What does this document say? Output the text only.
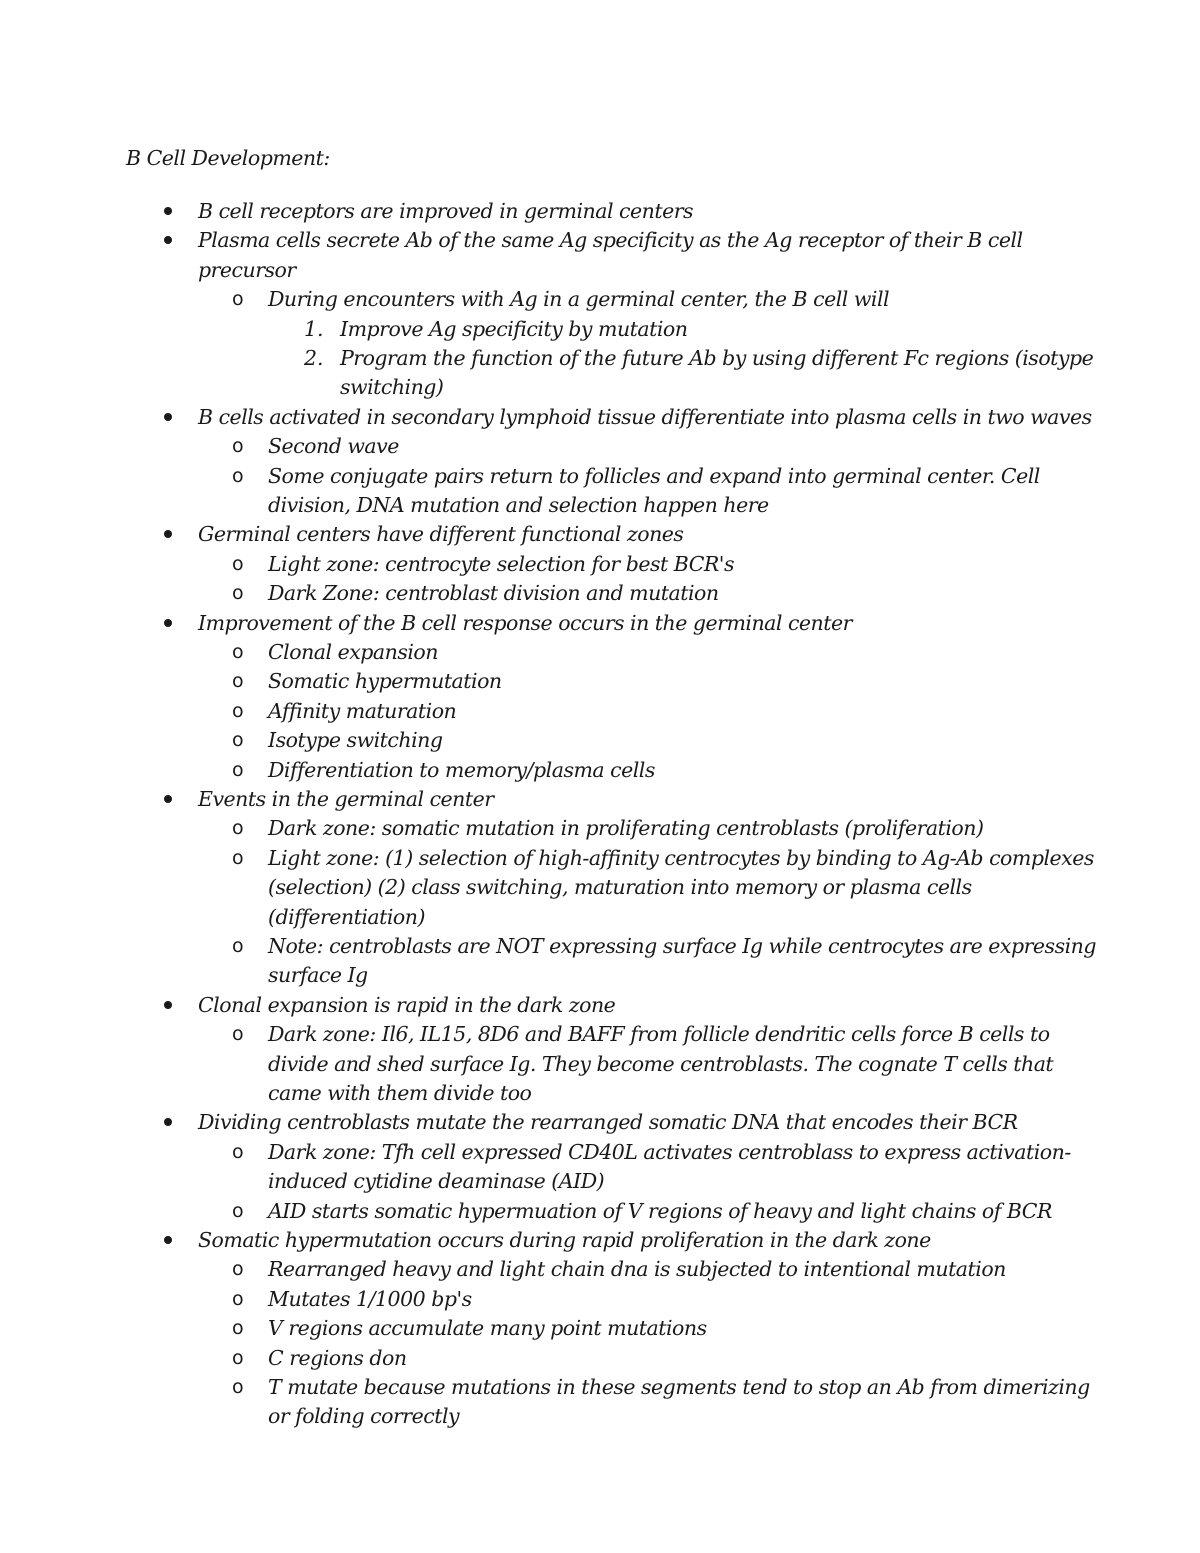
B Cell Development:
B cell receptors are improved in germinal centers
Plasma cells secrete Ab of the same Ag specificity as the Ag receptor of their B cell
precursor
o During encounters with Ag in a germinal center, the B cell will
1. Improve Ag specificity by mutation
2. Program the function of the future Ab by using different Fc regions (isotype
switching)
B cells activated in secondary lymphoid tissue differentiate into plasma cells in two waves
o Second wave
o Some conjugate pairs return to follicles and expand into germinal center. Cell
division, DNA mutation and selection happen here
Germinal centers have different functional zones
o Light zone: centrocyte selection for best BCR's
o Dark Zone: centroblast division and mutation
Improvement of the B cell response occurs in the germinal center
o Clonal expansion
o Somatic hypermutation
o Affinity maturation
o Isotype switching
o Differentiation to memory/plasma cells
Events in the germinal center
o Dark zone: somatic mutation in proliferating centroblasts (proliferation)
o Light zone: (1) selection of high-affinity centrocytes by binding to Ag-Ab complexes
(selection) (2) class switching, maturation into memory or plasma cells
(differentiation)
o Note: centroblasts are NOT expressing surface Ig while centrocytes are expressing
surface Ig
Clonal expansion is rapid in the dark zone
o Dark zone: Il6, IL15, 8D6 and BAFF from follicle dendritic cells force B cells to
divide and shed surface Ig. They become centroblasts. The cognate T cells that
came with them divide too
Dividing centroblasts mutate the rearranged somatic DNA that encodes their BCR
o Dark zone: Tfh cell expressed CD40L activates centroblass to express activation-
induced cytidine deaminase (AID)
o AID starts somatic hypermuation of V regions of heavy and light chains of BCR
Somatic hypermutation occurs during rapid proliferation in the dark zone
o Rearranged heavy and light chain dna is subjected to intentional mutation
o Mutates 1/1000 bp's
o V regions accumulate many point mutations
o C regions don
o T mutate because mutations in these segments tend to stop an Ab from dimerizing
or folding correctly
